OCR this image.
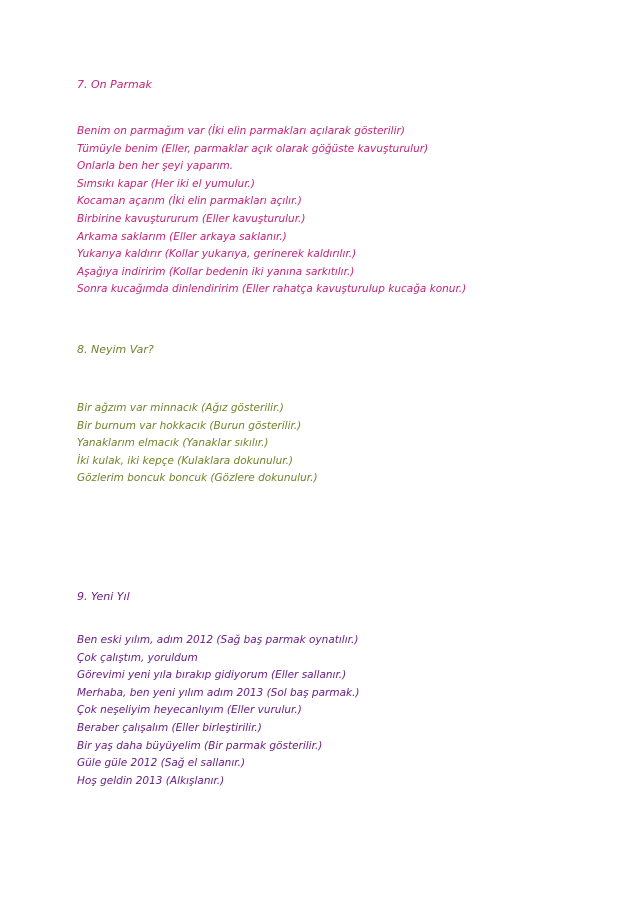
7. On Parmak
Benim on parmağım var (İki elin parmakları açılarak gösterilir)
Tümüyle benim (Eller, parmaklar açık olarak göğüste kavuşturulur)
Onlarla ben her şeyi yaparım.
Sımsıkı kapar (Her iki el yumulur.)
Kocaman açarım (İki elin parmakları açılır.)
Birbirine kavuştururum (Eller kavuşturulur.)
Arkama saklarım (Eller arkaya saklanır.)
Yukarıya kaldırır (Kollar yukarıya, gerinerek kaldırılır.)
Aşağıya indiririm (Kollar bedenin iki yanına sarkıtılır.)
Sonra kucağımda dinlendiririm (Eller rahatça kavuşturulup kucağa konur.)
8. Neyim Var?
Bir ağzım var minnacık (Ağız gösterilir.)
Bir burnum var hokkacık (Burun gösterilir.)
Yanaklarım elmacık (Yanaklar sıkılır.)
İki kulak, iki kepçe (Kulaklara dokunulur.)
Gözlerim boncuk boncuk (Gözlere dokunulur.)
9. Yeni Yıl
Ben eski yılım, adım 2012 (Sağ baş parmak oynatılır.)
Çok çalıştım, yoruldum
Görevimi yeni yıla bırakıp gidiyorum (Eller sallanır.)
Merhaba, ben yeni yılım adım 2013 (Sol baş parmak.)
Çok neşeliyim heyecanlıyım (Eller vurulur.)
Beraber çalışalım (Eller birleştirilir.)
Bir yaş daha büyüyelim (Bir parmak gösterilir.)
Güle güle 2012 (Sağ el sallanır.)
Hoş geldin 2013 (Alkışlanır.)
